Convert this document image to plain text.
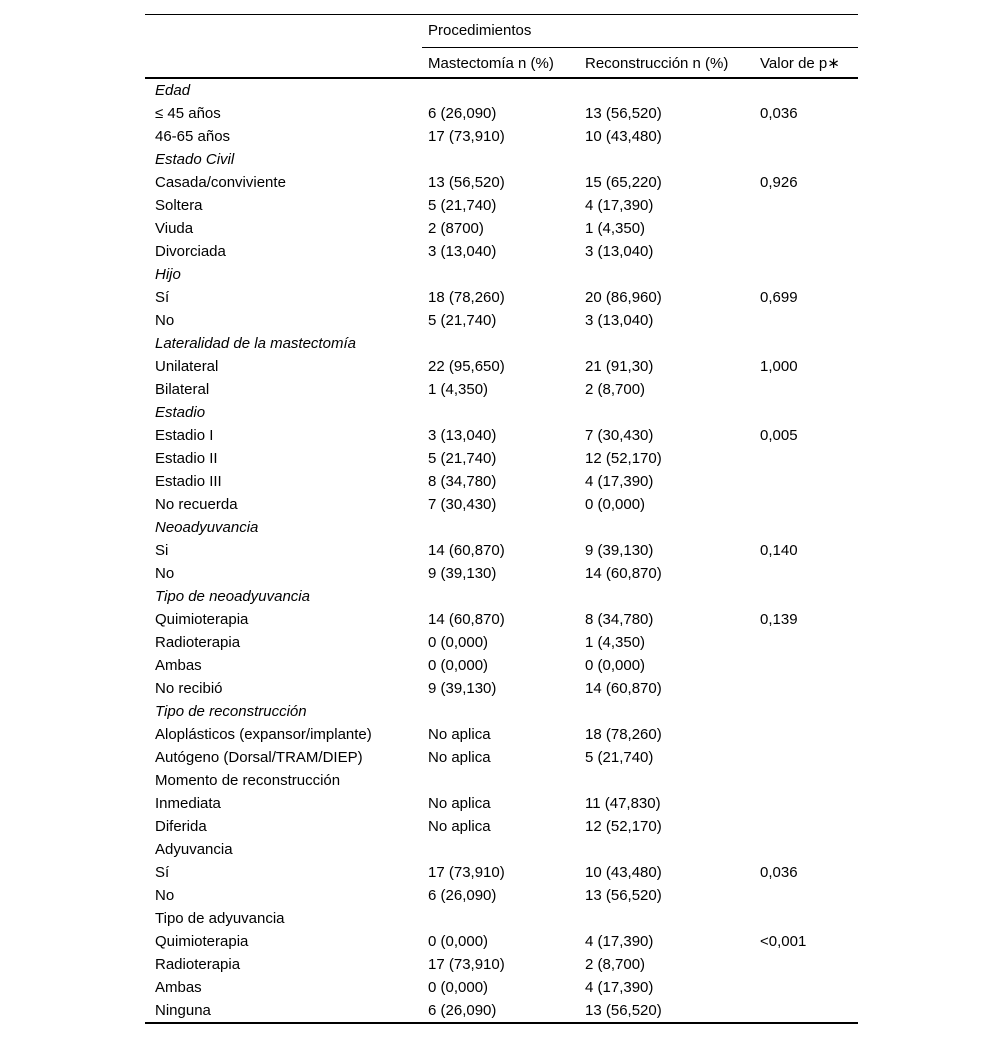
Procedimientos
Mastectomía n (%)	Reconstrucción n (%)	Valor de p∗
Edad
≤ 45 años	6 (26,090)	13 (56,520)	0,036
46-65 años	17 (73,910)	10 (43,480)
Estado Civil
Casada/conviviente	13 (56,520)	15 (65,220)	0,926
Soltera	5 (21,740)	4 (17,390)
Viuda	2 (8700)	1 (4,350)
Divorciada	3 (13,040)	3 (13,040)
Hijo
Sí	18 (78,260)	20 (86,960)	0,699
No	5 (21,740)	3 (13,040)
Lateralidad de la mastectomía
Unilateral	22 (95,650)	21 (91,30)	1,000
Bilateral	1 (4,350)	2 (8,700)
Estadio
Estadio I	3 (13,040)	7 (30,430)	0,005
Estadio II	5 (21,740)	12 (52,170)
Estadio III	8 (34,780)	4 (17,390)
No recuerda	7 (30,430)	0 (0,000)
Neoadyuvancia
Si	14 (60,870)	9 (39,130)	0,140
No	9 (39,130)	14 (60,870)
Tipo de neoadyuvancia
Quimioterapia	14 (60,870)	8 (34,780)	0,139
Radioterapia	0 (0,000)	1 (4,350)
Ambas	0 (0,000)	0 (0,000)
No recibió	9 (39,130)	14 (60,870)
Tipo de reconstrucción
Aloplásticos (expansor/implante)	No aplica	18 (78,260)
Autógeno (Dorsal/TRAM/DIEP)	No aplica	5 (21,740)
Momento de reconstrucción
Inmediata	No aplica	11 (47,830)
Diferida	No aplica	12 (52,170)
Adyuvancia
Sí	17 (73,910)	10 (43,480)	0,036
No	6 (26,090)	13 (56,520)
Tipo de adyuvancia
Quimioterapia	0 (0,000)	4 (17,390)	<0,001
Radioterapia	17 (73,910)	2 (8,700)
Ambas	0 (0,000)	4 (17,390)
Ninguna	6 (26,090)	13 (56,520)
